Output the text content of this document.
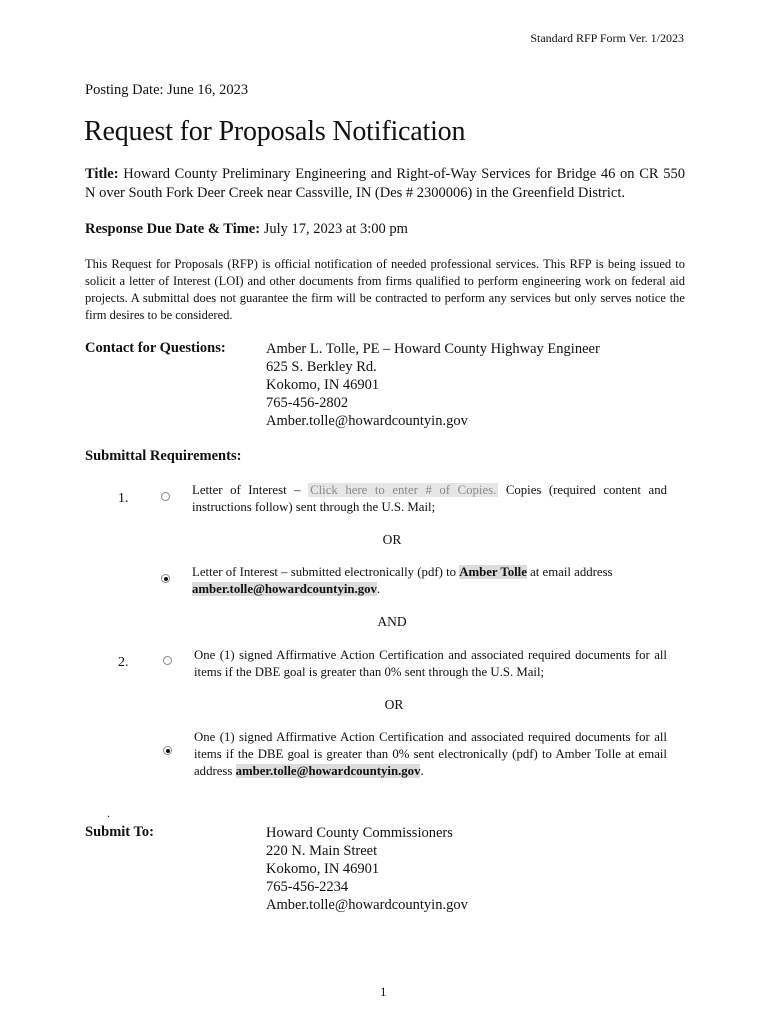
Standard RFP Form Ver. 1/2023
Posting Date: June 16, 2023
Request for Proposals Notification
Title: Howard County Preliminary Engineering and Right-of-Way Services for Bridge 46 on CR 550 N over South Fork Deer Creek near Cassville, IN (Des # 2300006) in the Greenfield District.
Response Due Date & Time: July 17, 2023 at 3:00 pm
This Request for Proposals (RFP) is official notification of needed professional services. This RFP is being issued to solicit a letter of Interest (LOI) and other documents from firms qualified to perform engineering work on federal aid projects. A submittal does not guarantee the firm will be contracted to perform any services but only serves notice the firm desires to be considered.
Contact for Questions:	Amber L. Tolle, PE – Howard County Highway Engineer
625 S. Berkley Rd.
Kokomo, IN 46901
765-456-2802
Amber.tolle@howardcountyin.gov
Submittal Requirements:
1.
Letter of Interest – Click here to enter # of Copies. Copies (required content and instructions follow) sent through the U.S. Mail;
OR
Letter of Interest – submitted electronically (pdf) to Amber Tolle at email address amber.tolle@howardcountyin.gov.
AND
2.	One (1) signed Affirmative Action Certification and associated required documents for all items if the DBE goal is greater than 0% sent through the U.S. Mail;
OR
One (1) signed Affirmative Action Certification and associated required documents for all items if the DBE goal is greater than 0% sent electronically (pdf) to Amber Tolle at email address amber.tolle@howardcountyin.gov.
.
Submit To:	Howard County Commissioners
220 N. Main Street
Kokomo, IN 46901
765-456-2234
Amber.tolle@howardcountyin.gov
1
